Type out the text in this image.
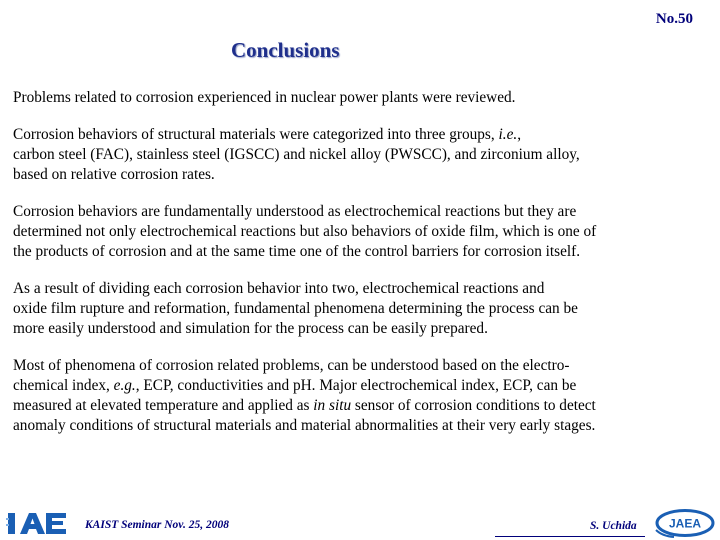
No.50
Conclusions
Problems related to corrosion experienced in nuclear power plants were reviewed.
Corrosion behaviors of structural materials were categorized into three groups, i.e.,
carbon steel (FAC), stainless steel (IGSCC) and nickel alloy (PWSCC), and zirconium alloy,
based on relative corrosion rates.
Corrosion behaviors are fundamentally understood as electrochemical reactions but they are
determined not only electrochemical reactions but also behaviors of oxide film, which is one of
the products of corrosion and at the same time one of the control barriers for corrosion itself.
As a result of dividing each corrosion behavior into two, electrochemical reactions and
oxide film rupture and reformation, fundamental phenomena determining the process can be
more easily understood and simulation for the process can be easily prepared.
Most of phenomena of corrosion related problems, can be understood based on the electro-
chemical index, e.g., ECP, conductivities and pH. Major electrochemical index, ECP, can be
measured at elevated temperature and applied as in situ sensor of corrosion conditions to detect
anomaly conditions of structural materials and material abnormalities at their very early stages.
KAIST Seminar Nov. 25, 2008	S. Uchida	JAEA
